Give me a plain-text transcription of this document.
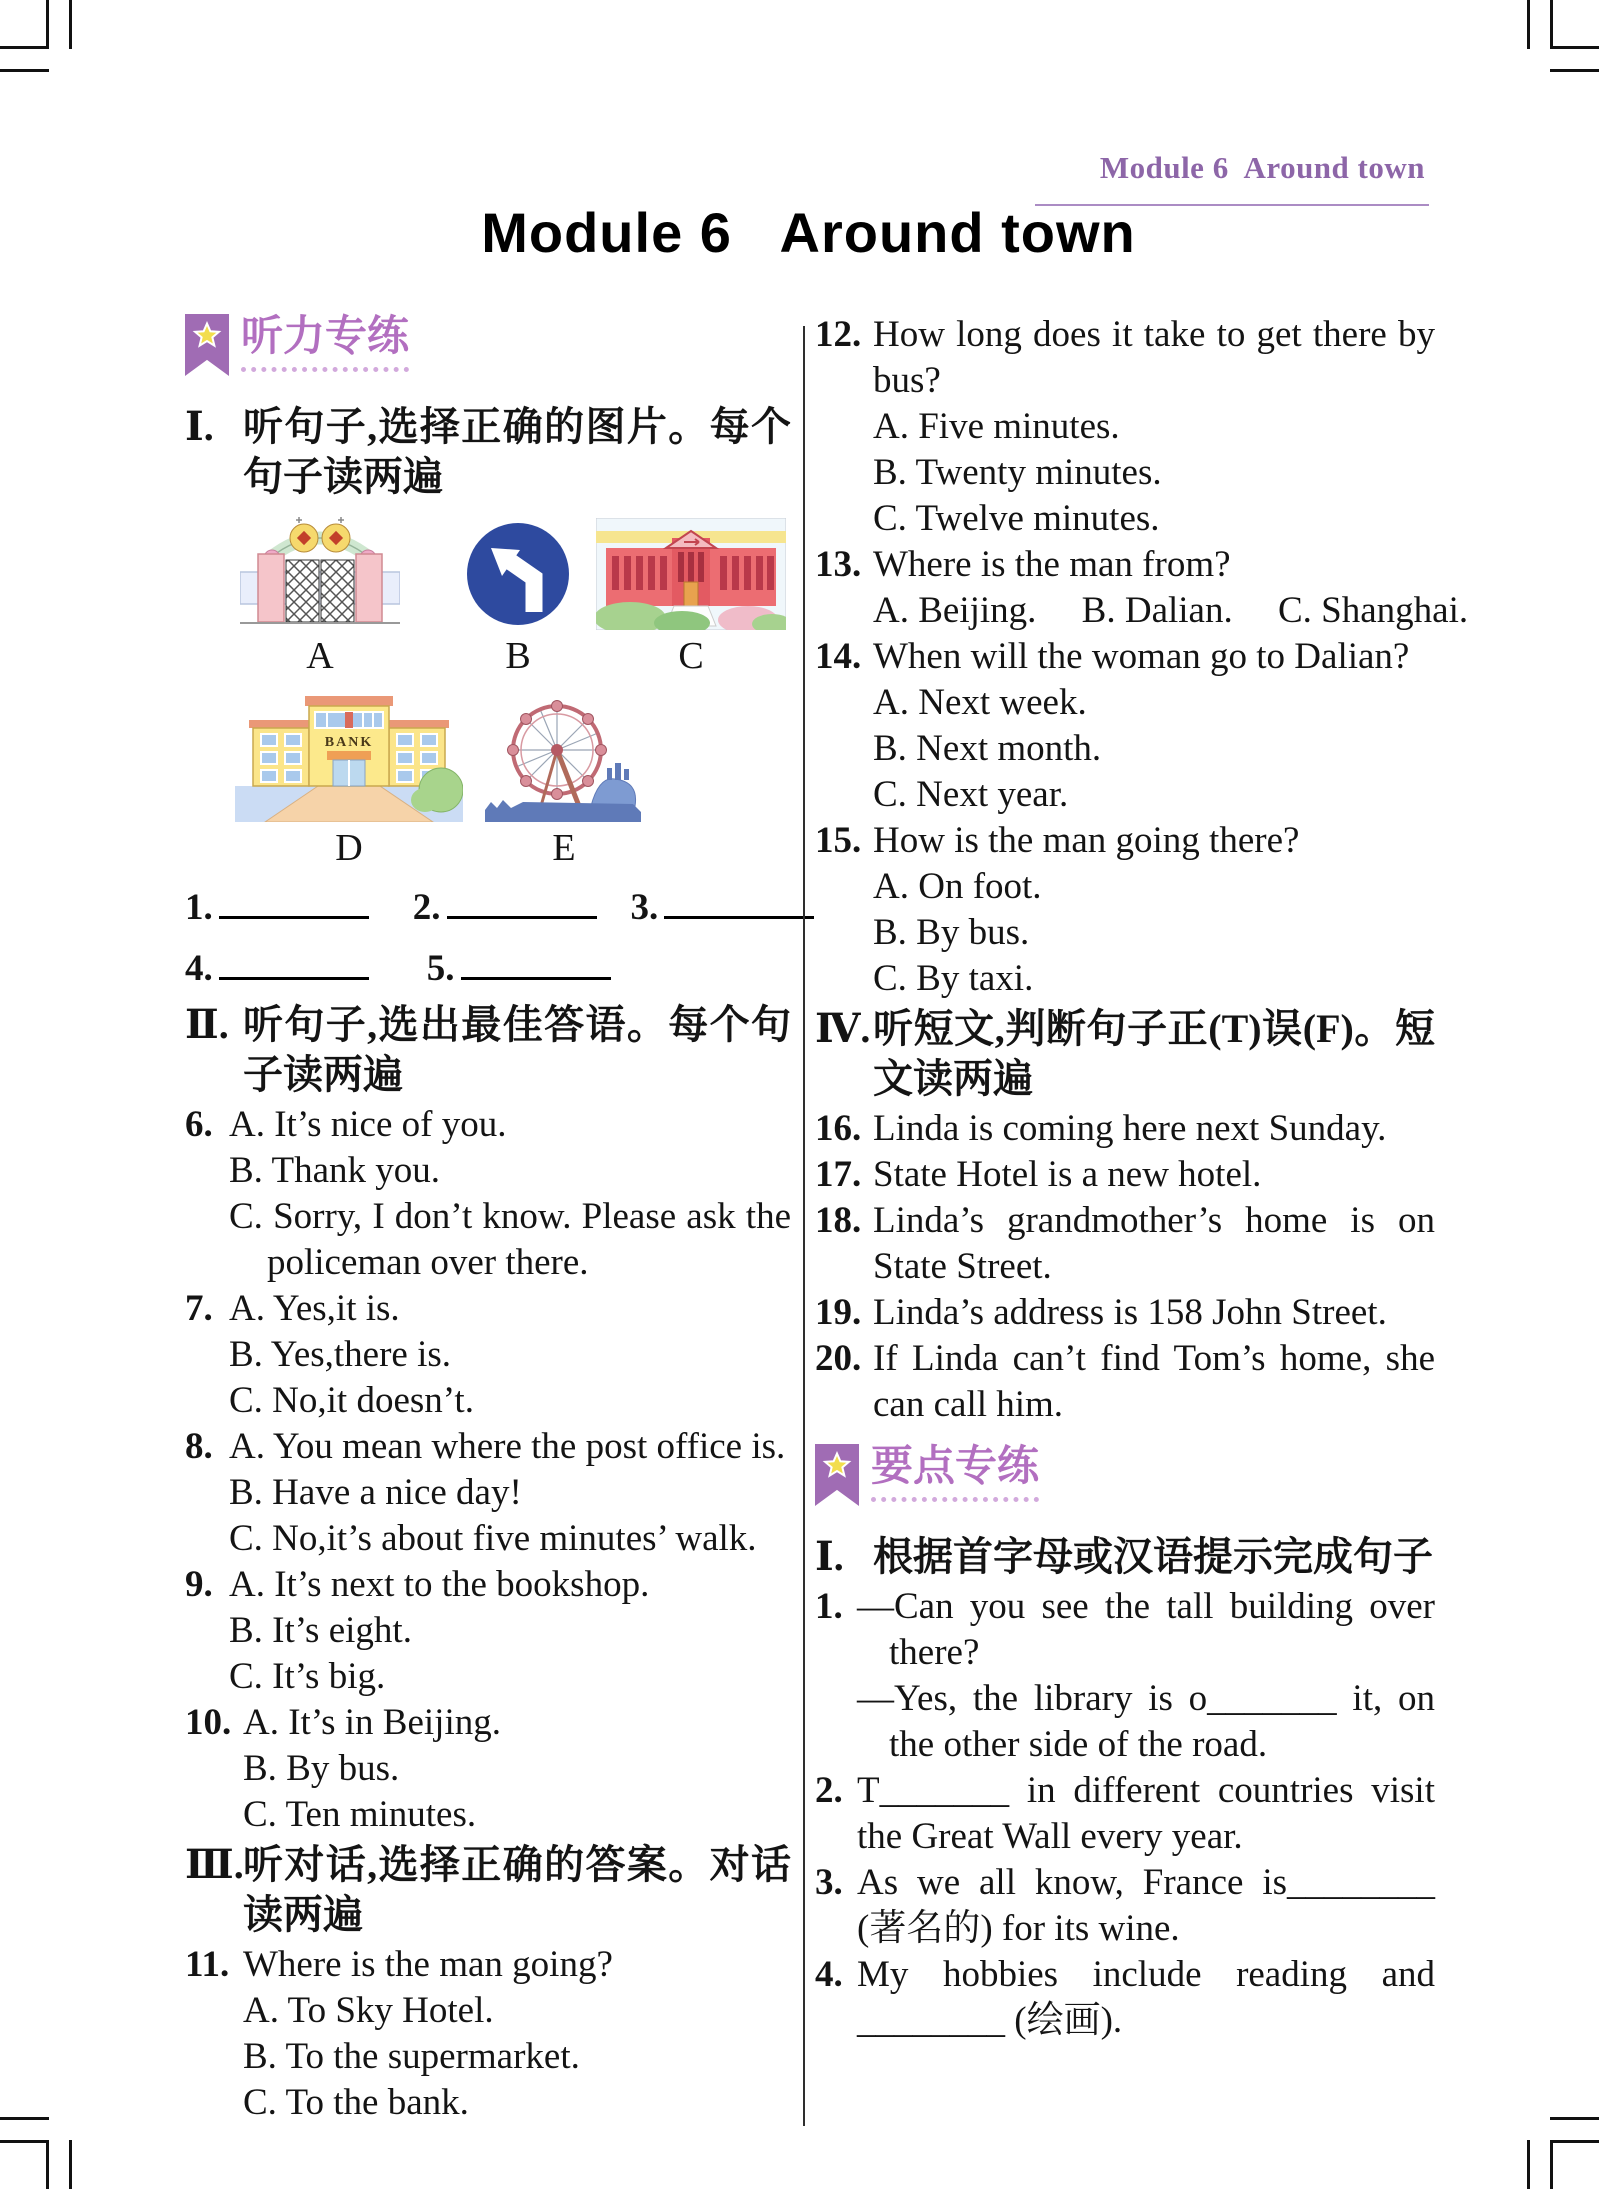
Module 6  Around town
Module 6   Around town
听力专练
Ⅰ. 听句子,选择正确的图片。每个句子读两遍
A	B	C
BANK
D	E
1.	2.	3.
4.	5.
Ⅱ. 听句子,选出最佳答语。每个句子读两遍
6. A. It’s nice of you.

B. Thank you.

C. Sorry, I don’t know. Please ask the policeman over there.

7. A. Yes,it is.

B. Yes,there is.

C. No,it doesn’t.

8. A. You mean where the post office is.

B. Have a nice day!

C. No,it’s about five minutes’ walk.

9. A. It’s next to the bookshop.

B. It’s eight.

C. It’s big.

10. A. It’s in Beijing.

B. By bus.

C. Ten minutes.

Ⅲ. 听对话,选择正确的答案。对话读两遍
11. Where is the man going?

A. To Sky Hotel.

B. To the supermarket.

C. To the bank.

12. How long does it take to get there by bus?

A. Five minutes.

B. Twenty minutes.

C. Twelve minutes.

13. Where is the man from?

A. Beijing. B. Dalian. C. Shanghai.

14. When will the woman go to Dalian?

A. Next week.

B. Next month.

C. Next year.

15. How is the man going there?

A. On foot.

B. By bus.

C. By taxi.

Ⅳ. 听短文,判断句子正(T)误(F)。短文读两遍
16. Linda is coming here next Sunday.

17. State Hotel is a new hotel.

18. Linda’s grandmother’s home is on State Street.

19. Linda’s address is 158 John Street.

20. If Linda can’t find Tom’s home, she can call him.

要点专练
Ⅰ. 根据首字母或汉语提示完成句子
1. —Can you see the tall building over there?

—Yes, the library is o_______ it, on the other side of the road.

2. T_______ in different countries visit the Great Wall every year.

3. As we all know, France is________ (著名的) for its wine.

4. My hobbies include reading and ________ (绘画).
